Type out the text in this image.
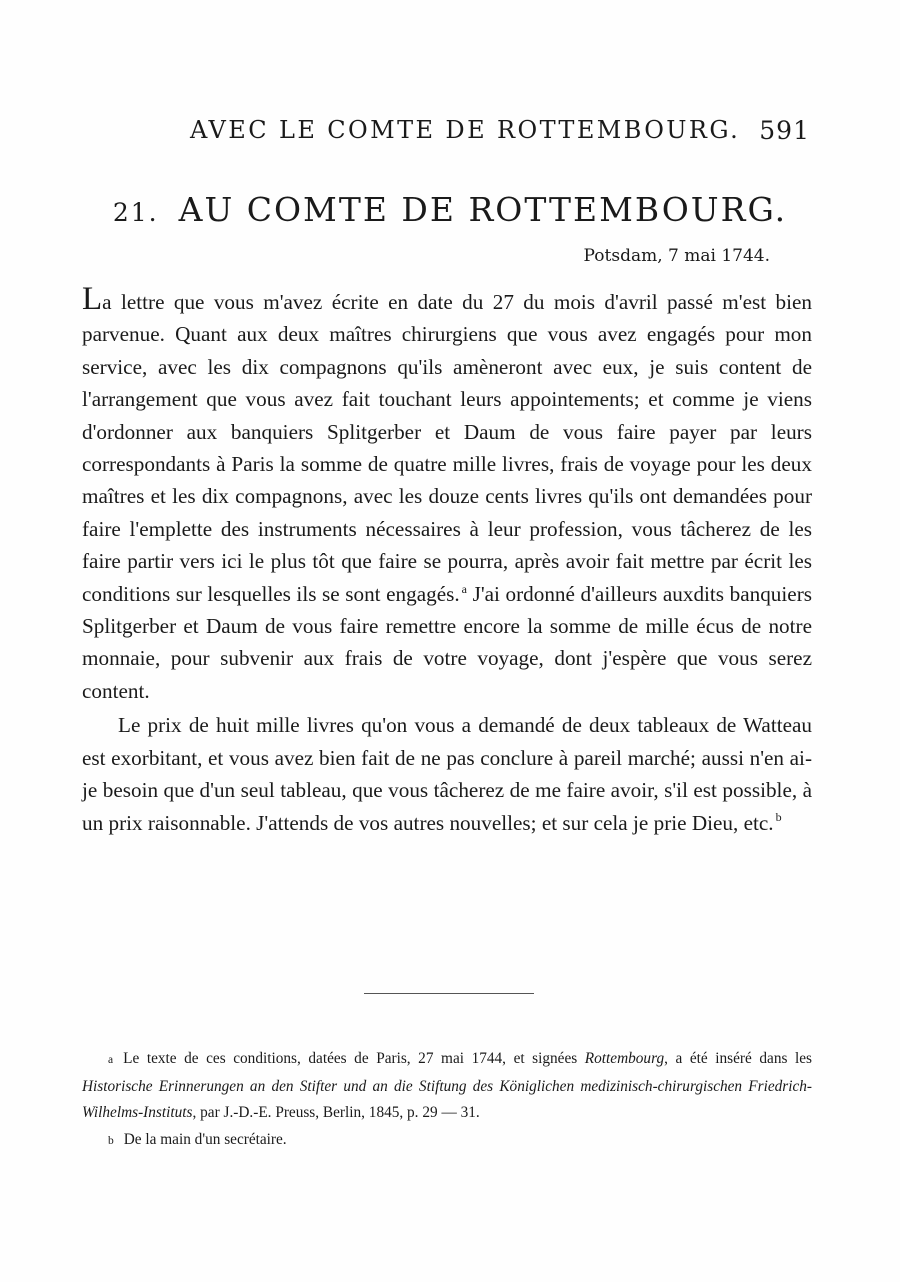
AVEC LE COMTE DE ROTTEMBOURG. 591
21. AU COMTE DE ROTTEMBOURG.
Potsdam, 7 mai 1744.

La lettre que vous m'avez écrite en date du 27 du mois d'avril passé m'est bien parvenue. Quant aux deux maîtres chirurgiens que vous avez engagés pour mon service, avec les dix compagnons qu'ils amèneront avec eux, je suis content de l'arrangement que vous avez fait touchant leurs appointements; et comme je viens d'ordonner aux banquiers Splitgerber et Daum de vous faire payer par leurs correspondants à Paris la somme de quatre mille livres, frais de voyage pour les deux maîtres et les dix compagnons, avec les douze cents livres qu'ils ont demandées pour faire l'emplette des instruments nécessaires à leur profession, vous tâcherez de les faire partir vers ici le plus tôt que faire se pourra, après avoir fait mettre par écrit les conditions sur lesquelles ils se sont engagés. $^a$ J'ai ordonné d'ailleurs auxdits banquiers Splitgerber et Daum de vous faire remettre encore la somme de mille écus de notre monnaie, pour subvenir aux frais de votre voyage, dont j'espère que vous serez content.

Le prix de huit mille livres qu'on vous a demandé de deux tableaux de Watteau est exorbitant, et vous avez bien fait de ne pas conclure à pareil marché; aussi n'en ai-je besoin que d'un seul tableau, que vous tâcherez de me faire avoir, s'il est possible, à un prix raisonnable. J'attends de vos autres nouvelles; et sur cela je prie Dieu, etc. $^b$

a Le texte de ces conditions, datées de Paris, 27 mai 1744, et signées Rottembourg, a été inséré dans les Historische Erinnerungen an den Stifter und an die Stiftung des Königlichen medizinisch-chirurgischen Friedrich-Wilhelms-Instituts, par J.-D.-E. Preuss, Berlin, 1845, p. 29 — 31.

b De la main d'un secrétaire.
